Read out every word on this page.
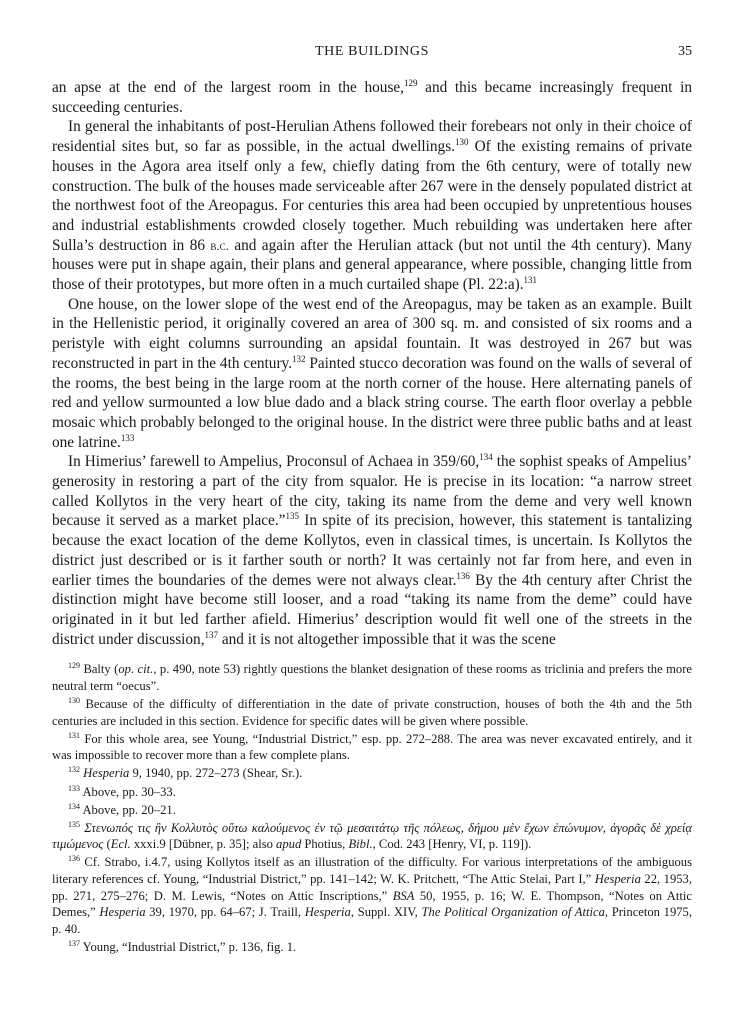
THE BUILDINGS	35

an apse at the end of the largest room in the house,$^{129}$ and this became increasingly frequent in succeeding centuries.

In general the inhabitants of post-Herulian Athens followed their forebears not only in their choice of residential sites but, so far as possible, in the actual dwellings.$^{130}$ Of the existing remains of private houses in the Agora area itself only a few, chiefly dating from the 6th century, were of totally new construction. The bulk of the houses made serviceable after 267 were in the densely populated district at the northwest foot of the Areopagus. For centuries this area had been occupied by unpretentious houses and industrial establishments crowded closely together. Much rebuilding was undertaken here after Sulla’s destruction in 86 b.c. and again after the Herulian attack (but not until the 4th century). Many houses were put in shape again, their plans and general appearance, where possible, changing little from those of their prototypes, but more often in a much curtailed shape (Pl. 22:a).$^{131}$

One house, on the lower slope of the west end of the Areopagus, may be taken as an example. Built in the Hellenistic period, it originally covered an area of 300 sq. m. and consisted of six rooms and a peristyle with eight columns surrounding an apsidal fountain. It was destroyed in 267 but was reconstructed in part in the 4th century.$^{132}$ Painted stucco decoration was found on the walls of several of the rooms, the best being in the large room at the north corner of the house. Here alternating panels of red and yellow surmounted a low blue dado and a black string course. The earth floor overlay a pebble mosaic which probably belonged to the original house. In the district were three public baths and at least one latrine.$^{133}$

In Himerius’ farewell to Ampelius, Proconsul of Achaea in 359/60,$^{134}$ the sophist speaks of Ampelius’ generosity in restoring a part of the city from squalor. He is precise in its location: “a narrow street called Kollytos in the very heart of the city, taking its name from the deme and very well known because it served as a market place.”$^{135}$ In spite of its precision, however, this statement is tantalizing because the exact location of the deme Kollytos, even in classical times, is uncertain. Is Kollytos the district just described or is it farther south or north? It was certainly not far from here, and even in earlier times the boundaries of the demes were not always clear.$^{136}$ By the 4th century after Christ the distinction might have become still looser, and a road “taking its name from the deme” could have originated in it but led farther afield. Himerius’ description would fit well one of the streets in the district under discussion,$^{137}$ and it is not altogether impossible that it was the scene

$^{129}$ Balty (op. cit., p. 490, note 53) rightly questions the blanket designation of these rooms as triclinia and prefers the more neutral term “oecus”.

$^{130}$ Because of the difficulty of differentiation in the date of private construction, houses of both the 4th and the 5th centuries are included in this section. Evidence for specific dates will be given where possible.

$^{131}$ For this whole area, see Young, “Industrial District,” esp. pp. 272–288. The area was never excavated entirely, and it was impossible to recover more than a few complete plans.

$^{132}$ Hesperia 9, 1940, pp. 272–273 (Shear, Sr.).

$^{133}$ Above, pp. 30–33.

$^{134}$ Above, pp. 20–21.

$^{135}$ Στενωπός τις ἣν Κολλυτὸς οὕτω καλούμενος ἐν τῷ μεσαιτάτῳ τῆς πόλεως, δήμου μὲν ἔχων ἐπώνυμον, ἀγορᾶς δὲ χρείᾳ τιμώμενος (Ecl. xxxi.9 [Dübner, p. 35]; also apud Photius, Bibl., Cod. 243 [Henry, VI, p. 119]).

$^{136}$ Cf. Strabo, i.4.7, using Kollytos itself as an illustration of the difficulty. For various interpretations of the ambiguous literary references cf. Young, “Industrial District,” pp. 141–142; W. K. Pritchett, “The Attic Stelai, Part I,” Hesperia 22, 1953, pp. 271, 275–276; D. M. Lewis, “Notes on Attic Inscriptions,” BSA 50, 1955, p. 16; W. E. Thompson, “Notes on Attic Demes,” Hesperia 39, 1970, pp. 64–67; J. Traill, Hesperia, Suppl. XIV, The Political Organization of Attica, Princeton 1975, p. 40.

$^{137}$ Young, “Industrial District,” p. 136, fig. 1.
